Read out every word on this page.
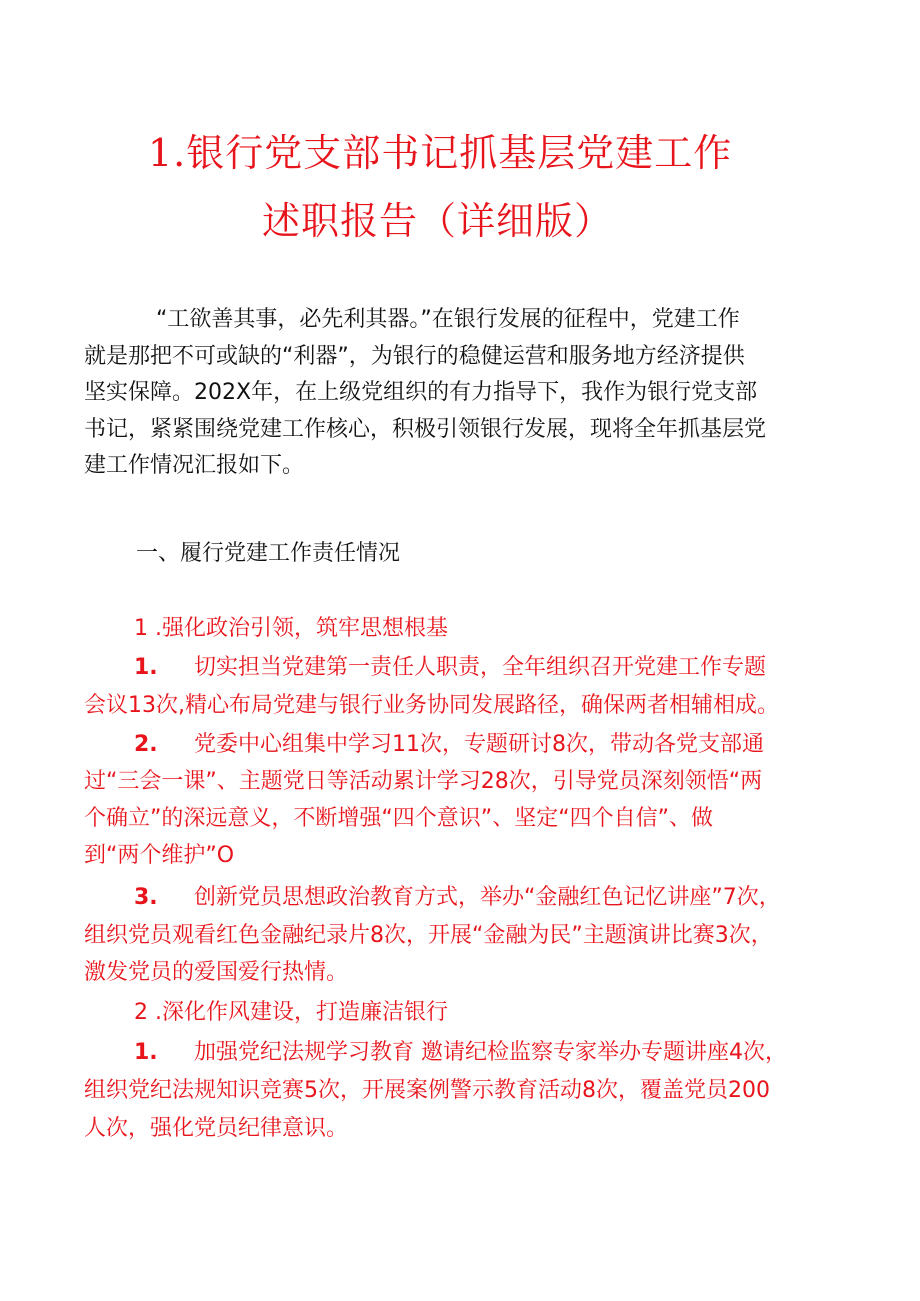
1.银行党支部书记抓基层党建工作
述职报告（详细版）
“工欲善其事，必先利其器。”在银行发展的征程中，党建工作
就是那把不可或缺的“利器”，为银行的稳健运营和服务地方经济提供
坚实保障。202X年，在上级党组织的有力指导下，我作为银行党支部
书记，紧紧围绕党建工作核心，积极引领银行发展，现将全年抓基层党
建工作情况汇报如下。
一、履行党建工作责任情况
1 .强化政治引领，筑牢思想根基
1. 切实担当党建第一责任人职责，全年组织召开党建工作专题
会议13次,精心布局党建与银行业务协同发展路径，确保两者相辅相成。
2. 党委中心组集中学习11次，专题研讨8次，带动各党支部通
过“三会一课”、主题党日等活动累计学习28次，引导党员深刻领悟“两
个确立”的深远意义，不断增强“四个意识”、坚定“四个自信”、做
到“两个维护”O
3. 创新党员思想政治教育方式，举办“金融红色记忆讲座”7次，
组织党员观看红色金融纪录片8次，开展“金融为民”主题演讲比赛3次，
激发党员的爱国爱行热情。
2 .深化作风建设，打造廉洁银行
1. 加强党纪法规学习教育 邀请纪检监察专家举办专题讲座4次，
组织党纪法规知识竞赛5次，开展案例警示教育活动8次，覆盖党员200
人次，强化党员纪律意识。
